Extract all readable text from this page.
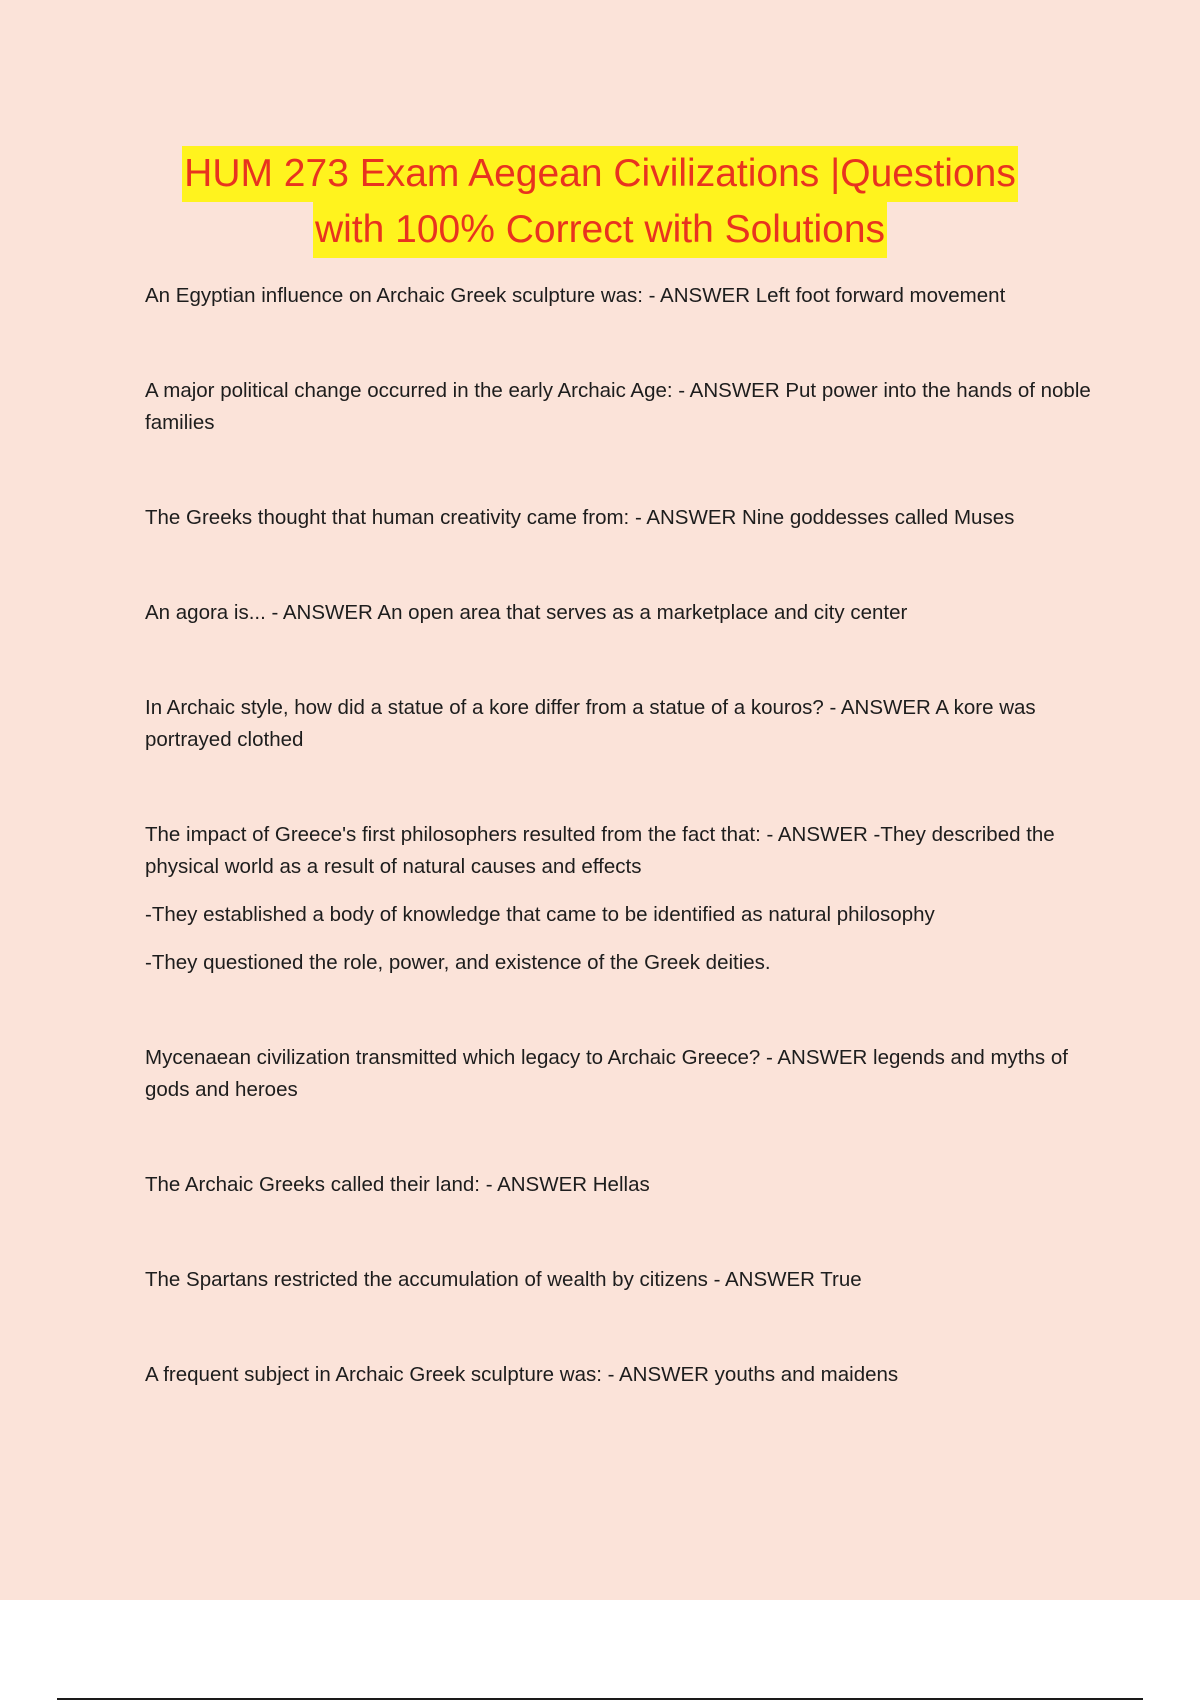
HUM 273 Exam Aegean Civilizations |Questions
with 100% Correct with Solutions

An Egyptian influence on Archaic Greek sculpture was: - ANSWER Left foot forward movement

A major political change occurred in the early Archaic Age: - ANSWER Put power into the hands of noble families

The Greeks thought that human creativity came from: - ANSWER Nine goddesses called Muses

An agora is... - ANSWER An open area that serves as a marketplace and city center

In Archaic style, how did a statue of a kore differ from a statue of a kouros? - ANSWER A kore was portrayed clothed

The impact of Greece's first philosophers resulted from the fact that: - ANSWER -They described the physical world as a result of natural causes and effects

-They established a body of knowledge that came to be identified as natural philosophy

-They questioned the role, power, and existence of the Greek deities.

Mycenaean civilization transmitted which legacy to Archaic Greece? - ANSWER legends and myths of gods and heroes

The Archaic Greeks called their land: - ANSWER Hellas

The Spartans restricted the accumulation of wealth by citizens - ANSWER True

A frequent subject in Archaic Greek sculpture was: - ANSWER youths and maidens
